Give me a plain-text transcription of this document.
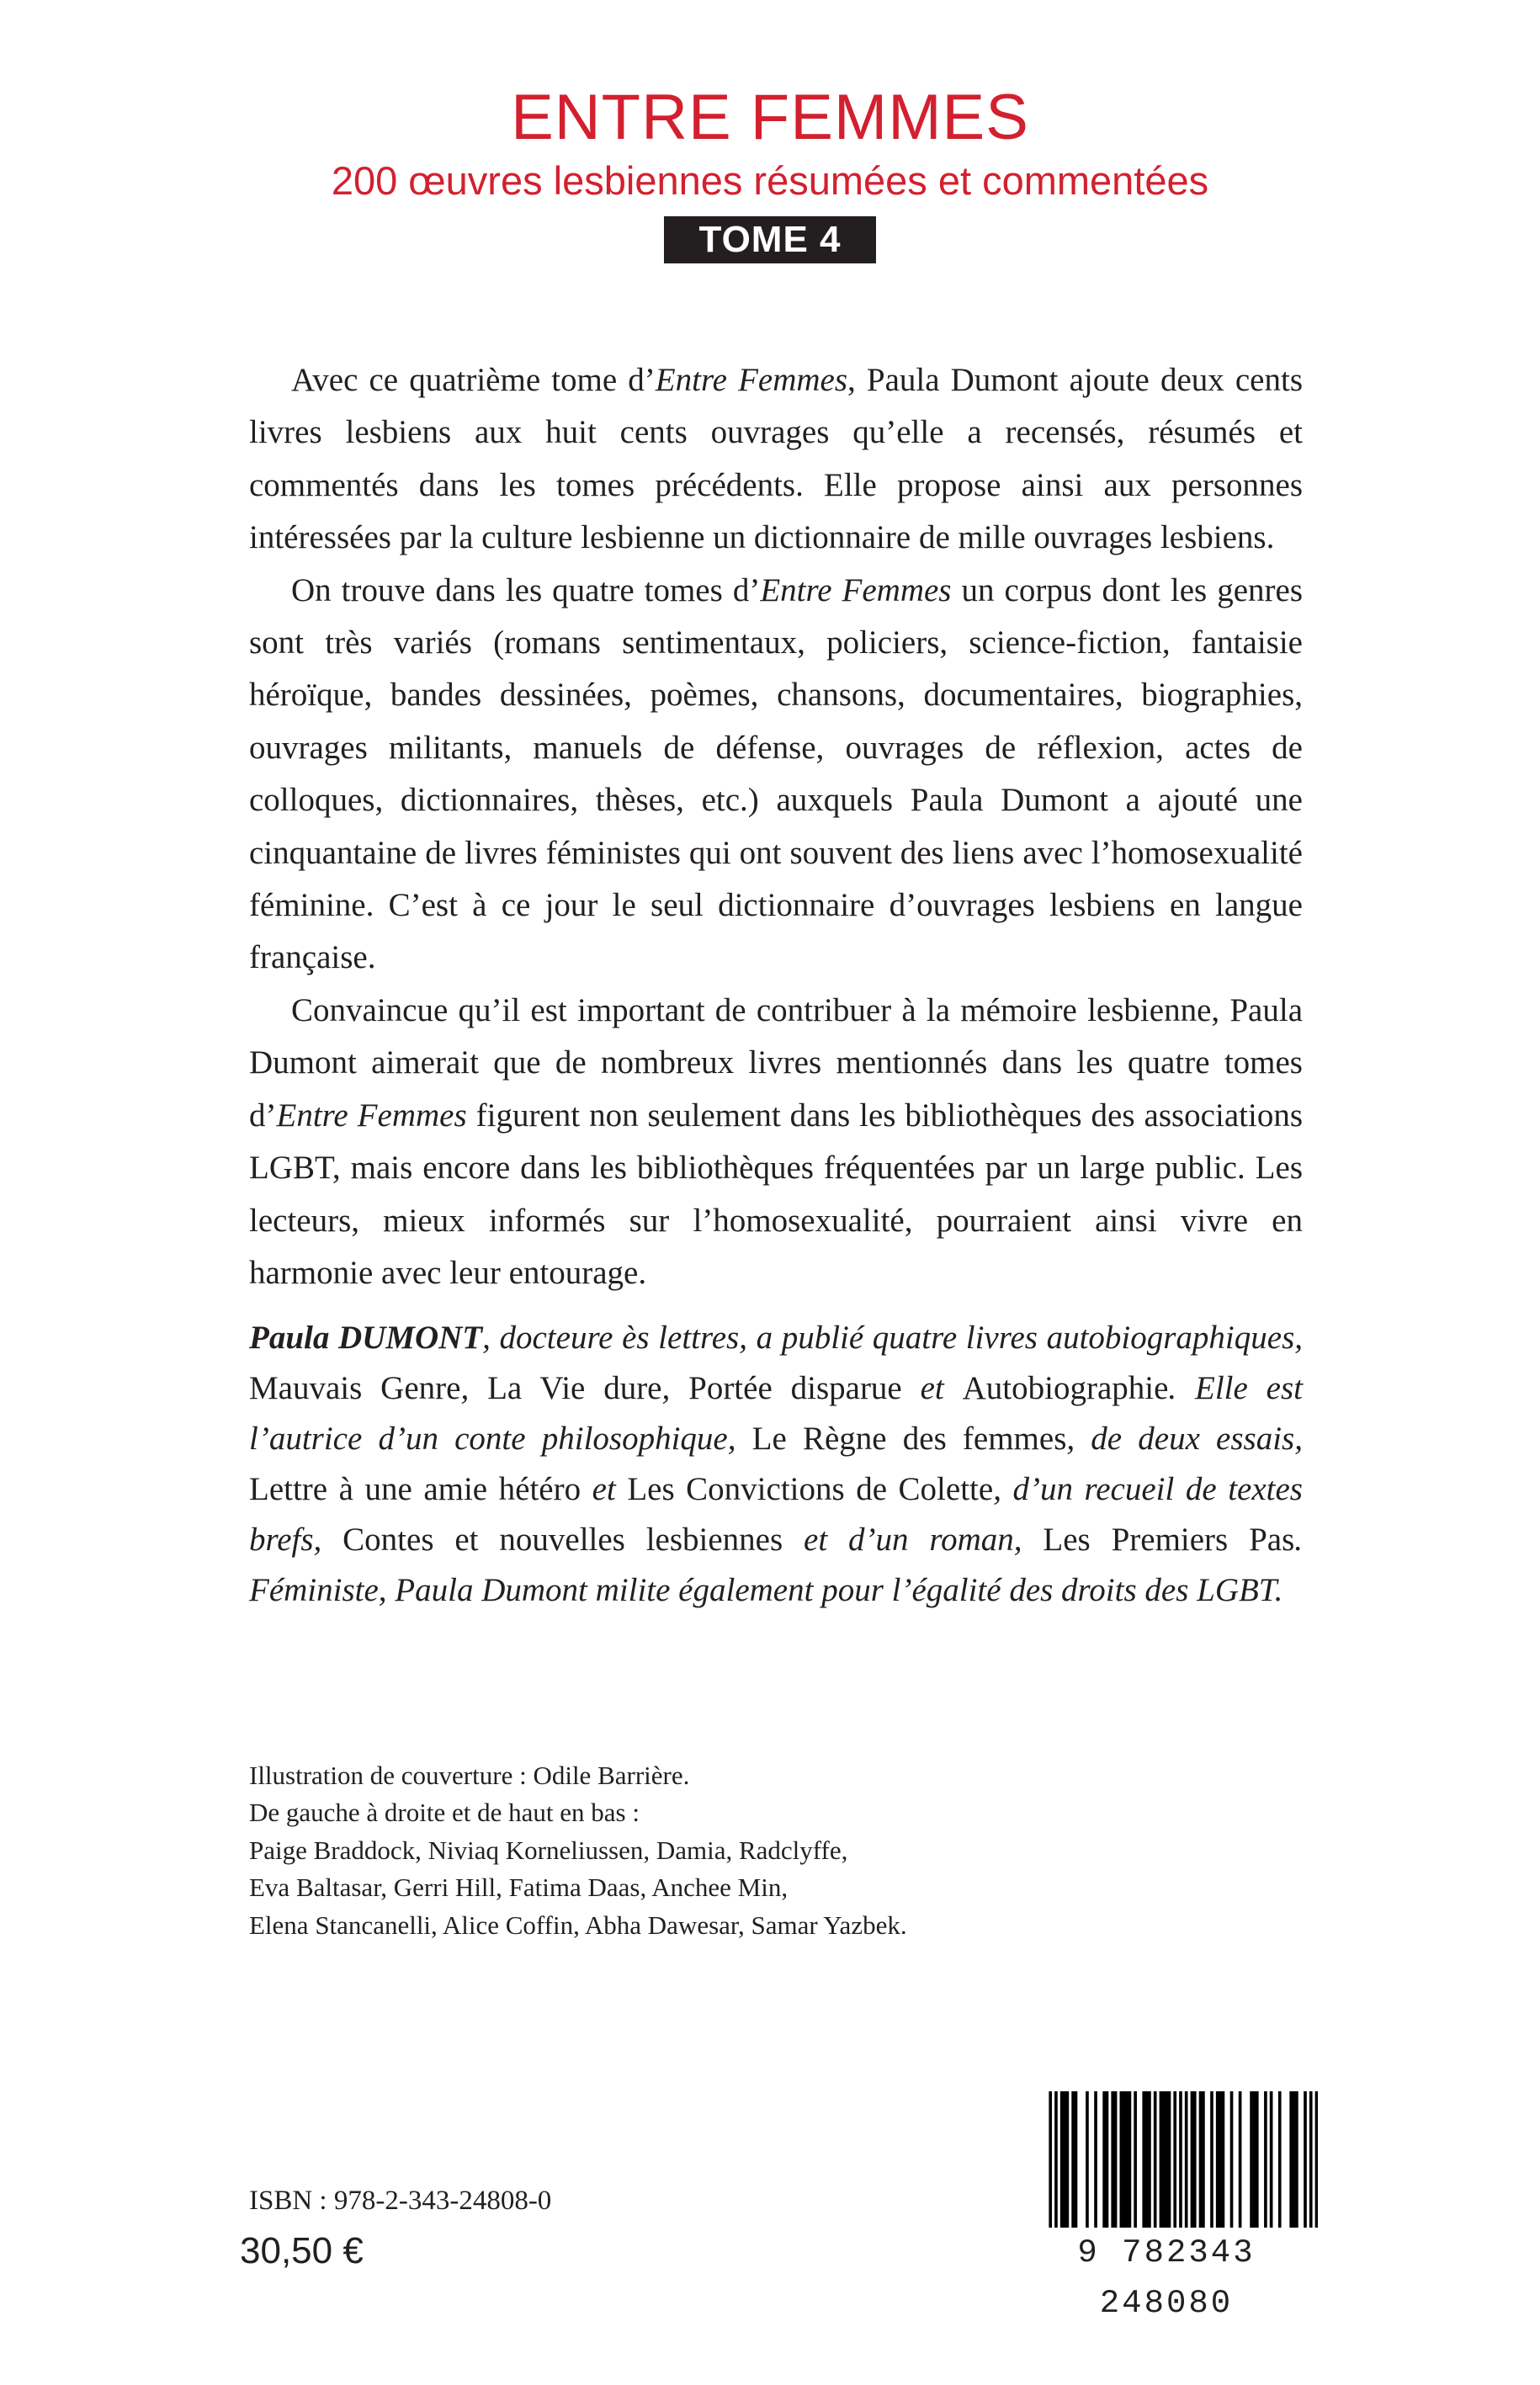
ENTRE FEMMES
200 œuvres lesbiennes résumées et commentées
TOME 4

Avec ce quatrième tome d’Entre Femmes, Paula Dumont ajoute deux cents livres lesbiens aux huit cents ouvrages qu’elle a recensés, résumés et commentés dans les tomes précédents. Elle propose ainsi aux personnes intéressées par la culture lesbienne un dictionnaire de mille ouvrages lesbiens.

On trouve dans les quatre tomes d’Entre Femmes un corpus dont les genres sont très variés (romans sentimentaux, policiers, science-fiction, fantaisie héroïque, bandes dessinées, poèmes, chansons, documentaires, biographies, ouvrages militants, manuels de défense, ouvrages de réflexion, actes de colloques, dictionnaires, thèses, etc.) auxquels Paula Dumont a ajouté une cinquantaine de livres féministes qui ont souvent des liens avec l’homosexualité féminine. C’est à ce jour le seul dictionnaire d’ouvrages lesbiens en langue française.

Convaincue qu’il est important de contribuer à la mémoire lesbienne, Paula Dumont aimerait que de nombreux livres mentionnés dans les quatre tomes d’Entre Femmes figurent non seulement dans les bibliothèques des associations LGBT, mais encore dans les bibliothèques fréquentées par un large public. Les lecteurs, mieux informés sur l’homosexualité, pourraient ainsi vivre en harmonie avec leur entourage.

Paula DUMONT, docteure ès lettres, a publié quatre livres autobiographiques, Mauvais Genre, La Vie dure, Portée disparue et Autobiographie. Elle est l’autrice d’un conte philosophique, Le Règne des femmes, de deux essais, Lettre à une amie hétéro et Les Convictions de Colette, d’un recueil de textes brefs, Contes et nouvelles lesbiennes et d’un roman, Les Premiers Pas. Féministe, Paula Dumont milite également pour l’égalité des droits des LGBT.
Illustration de couverture : Odile Barrière.
De gauche à droite et de haut en bas :
Paige Braddock, Niviaq Korneliussen, Damia, Radclyffe,
Eva Baltasar, Gerri Hill, Fatima Daas, Anchee Min,
Elena Stancanelli, Alice Coffin, Abha Dawesar, Samar Yazbek.
ISBN : 978-2-343-24808-0
30,50 €	9 782343 248080
